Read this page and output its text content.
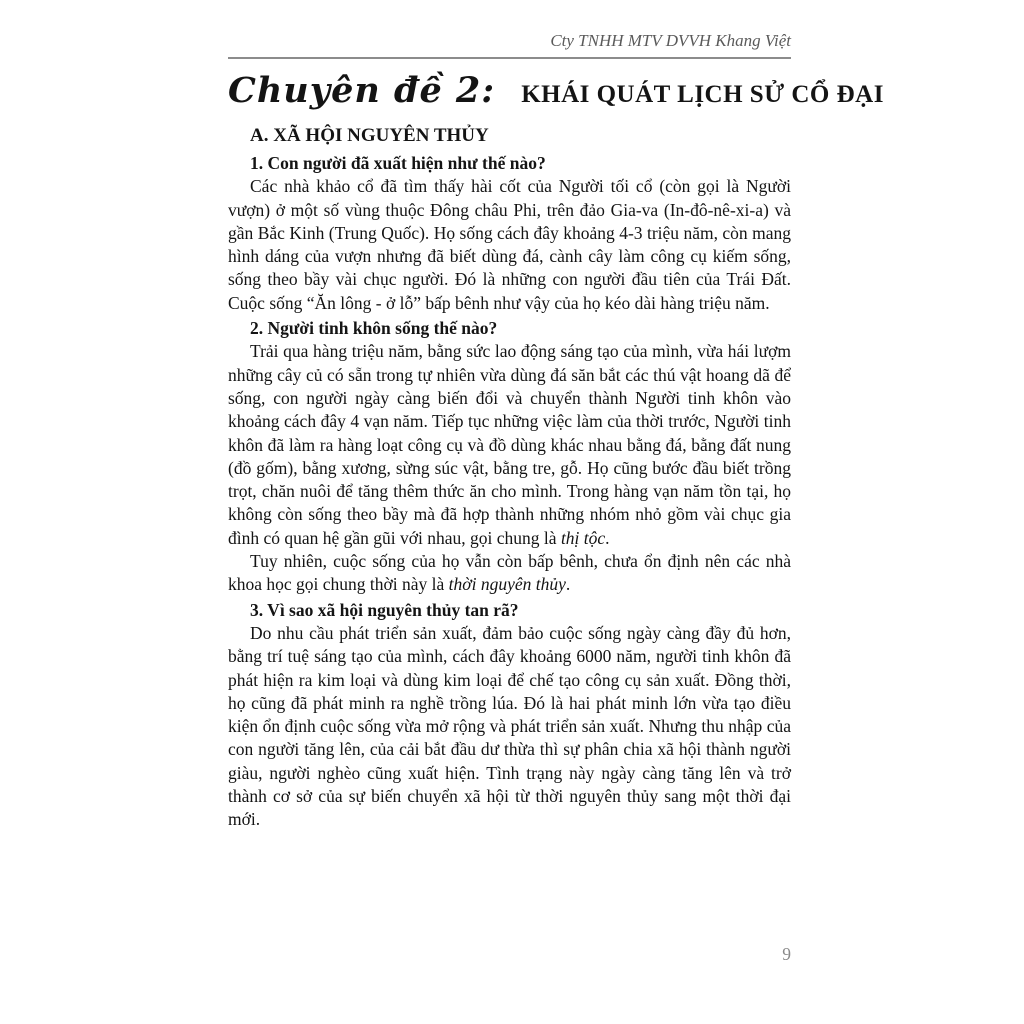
Cty TNHH MTV DVVH Khang Việt
Chuyên đề 2: KHÁI QUÁT LỊCH SỬ CỔ ĐẠI
A. XÃ HỘI NGUYÊN THỦY

1. Con người đã xuất hiện như thế nào?

Các nhà khảo cổ đã tìm thấy hài cốt của Người tối cổ (còn gọi là Người vượn) ở một số vùng thuộc Đông châu Phi, trên đảo Gia-va (In-đô-nê-xi-a) và gần Bắc Kinh (Trung Quốc). Họ sống cách đây khoảng 4-3 triệu năm, còn mang hình dáng của vượn nhưng đã biết dùng đá, cành cây làm công cụ kiếm sống, sống theo bầy vài chục người. Đó là những con người đầu tiên của Trái Đất. Cuộc sống “Ăn lông - ở lỗ” bấp bênh như vậy của họ kéo dài hàng triệu năm.

2. Người tinh khôn sống thế nào?

Trải qua hàng triệu năm, bằng sức lao động sáng tạo của mình, vừa hái lượm những cây củ có sẵn trong tự nhiên vừa dùng đá săn bắt các thú vật hoang dã để sống, con người ngày càng biến đổi và chuyển thành Người tinh khôn vào khoảng cách đây 4 vạn năm. Tiếp tục những việc làm của thời trước, Người tinh khôn đã làm ra hàng loạt công cụ và đồ dùng khác nhau bằng đá, bằng đất nung (đồ gốm), bằng xương, sừng súc vật, bằng tre, gỗ. Họ cũng bước đầu biết trồng trọt, chăn nuôi để tăng thêm thức ăn cho mình. Trong hàng vạn năm tồn tại, họ không còn sống theo bầy mà đã hợp thành những nhóm nhỏ gồm vài chục gia đình có quan hệ gần gũi với nhau, gọi chung là thị tộc.

Tuy nhiên, cuộc sống của họ vẫn còn bấp bênh, chưa ổn định nên các nhà khoa học gọi chung thời này là thời nguyên thủy.

3. Vì sao xã hội nguyên thủy tan rã?

Do nhu cầu phát triển sản xuất, đảm bảo cuộc sống ngày càng đầy đủ hơn, bằng trí tuệ sáng tạo của mình, cách đây khoảng 6000 năm, người tinh khôn đã phát hiện ra kim loại và dùng kim loại để chế tạo công cụ sản xuất. Đồng thời, họ cũng đã phát minh ra nghề trồng lúa. Đó là hai phát minh lớn vừa tạo điều kiện ổn định cuộc sống vừa mở rộng và phát triển sản xuất. Nhưng thu nhập của con người tăng lên, của cải bắt đầu dư thừa thì sự phân chia xã hội thành người giàu, người nghèo cũng xuất hiện. Tình trạng này ngày càng tăng lên và trở thành cơ sở của sự biến chuyển xã hội từ thời nguyên thủy sang một thời đại mới.

9
